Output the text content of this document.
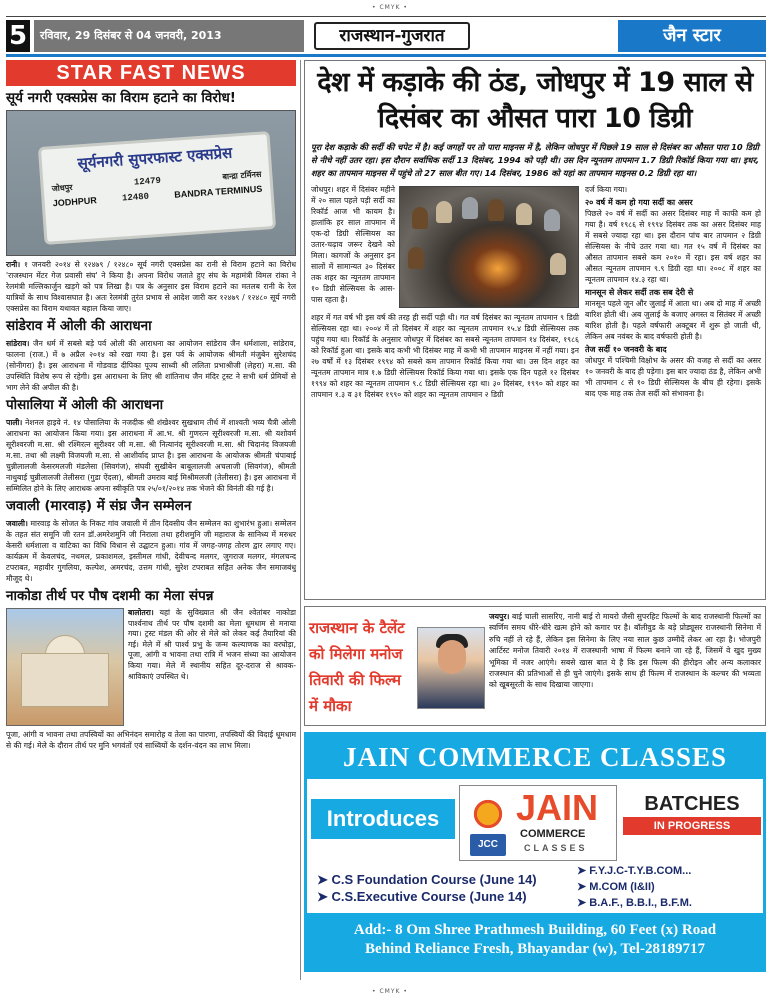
• CMYK •
5	रविवार, 29 दिसंबर से 04 जनवरी, 2013	राजस्थान-गुजरात	जैन स्टार
STAR FAST NEWS
सूर्य नगरी एक्सप्रेस का विराम हटाने का विरोध!
सूर्यनगरी सुपरफास्ट एक्सप्रेस
जोधपुर
12479
बान्द्रा टर्मिनस
JODHPUR	12480	BANDRA TERMINUS

रानी। १ जनवरी २०१४ से १२४७९ / १२४८० सूर्य नगरी एक्सप्रेस का रानी से विराम हटाने का विरोध 'राजस्थान मेंटर गेज प्रवासी संघ' ने किया है। अपना विरोध जताते हुए संघ के महामंत्री विमल रांका ने रेलमंत्री मल्लिकार्जुन खड़गे को पत्र लिखा है। पत्र के अनुसार इस विराम हटाने का मतलब रानी के रेल यात्रियों के साथ विश्वासघात है। अतः रेलमंत्री तुरंत प्रभाव से आदेश जारी कर १२४७९ / १२४८० सूर्य नगरी एक्सप्रेस का विराम यथावत बहाल किया जाए।

सांडेराव में ओली की आराधना

सांडेराव। जैन धर्म में सबसे बड़े पर्व ओली की आराधना का आयोजन सांडेराव जैन धर्मशाला, सांडेराव, फालना (राज.) में ७ अप्रैल २०१४ को रखा गया है। इस पर्व के आयोजक श्रीमती मंजुबेन सुरेशचंद (सोनीगरा) है। इस आराधना में गोडवाड दीपिका पूज्य साध्वी श्री ललिता प्रभाश्रीजी (लेहरा) म.सा. की उपस्थिति विशेष रूप से रहेगी। इस आराधना के लिए श्री शांतिनाथ जैन मंदिर ट्रस्ट ने सभी धर्म प्रेमियों से भाग लेने की अपील की है।

पोसालिया में ओली की आराधना

पाली। नेशनल हाइवे नं. १४ पोसालिया के नजदीक श्री शंखेश्वर सुखधाम तीर्थ में शाश्वती भव्य चैत्री ओली आराधना का आयोजन किया गया। इस आराधना में आ.भ. श्री गुणरत्न सूरीश्वरजी म.सा. श्री यशोवर्म सूरीश्वरजी म.सा. श्री रश्मिरत्न सूरीश्वर जी म.सा. श्री नित्यानंद सूरीश्वरजी म.सा. श्री चिदानंद विजयजी म.सा. तथा श्री लक्ष्मी विजयजी म.सा. से आशीर्वाद प्राप्त है। इस आराधना के आयोजक श्रीमती चंपाबाई चुन्नीलालजी केसरमलजी मंडलेसा (सिवगंज), संघवी सुखीबेन बाबूलालजी अचलाजी (सिवगंज), श्रीमती नाथुबाई चुन्नीलालजी तेलीसरा (गुडा ऐंदला), श्रीमती उमराव बाई मिश्रीमलजी (तेलीसरा) है। इस आराधना में सम्मिलित होने के लिए आराधक अपना स्वीकृति पत्र २५/०१/२०१४ तक भेजने की विनंती की गई है।

जवाली (मारवाड़) में संघ्र जैन सम्मेलन

जवाली। मारवाड़ के सोजत के निकट गांव जवाली में तीन दिवसीय जैन सम्मेलन का शुभारंभ हुआ। सम्मेलन के तहत संत समूनि जी रतन डॉ.अमरेशमुनि जी निराला तथा हरीशमुनि जी महाराज के सानिध्य में मरुधर केसरी धर्मशाला व वाटिका का विधि विधान से उद्घाटन हुआ। गांव में जगह-जगह तोरण द्वार लगाए गए। कार्यक्रम में केवलचंद, नथमल, प्रकाशमल, इस्तीमल गांधी, देवीचन्द मलगर, जुगराज मलगर, मंगलचन्द टपराबत, महावीर गुगलिया, कल्पेश, अमरचंद, उत्तम गांधी, सुरेश टपराबत सहित अनेक जैन समाजबंधु मौजूद थे।

नाकोडा तीर्थ पर पौष दशमी का मेला संपन्न

बालोतरा। यहां के सुविख्यात श्री जैन श्वेतांबर नाकोडा पार्श्वनाथ तीर्थ पर पौष दशमी का मेला धूमधाम से मनाया गया। ट्रस्ट मंडल की ओर से मेले को लेकर कई तैयारियां की गई। मेले में श्री पार्श्व प्रभु के जन्म कल्याणक का वरघोड़ा, पूजा, आंगी व भावना तथा रात्रि में भजन संध्या का आयोजन किया गया। मेले में स्थानीय सहित दूर-दराज से श्रावक-श्राविकाएं उपस्थित थे।

पूजा, आंगी व भावना तथा तपस्वियों का अभिनंदन समारोह व तेला का पारणा, तपस्वियों की विदाई धूमधाम से की गई। मेले के दौरान तीर्थ पर मुनि भगवंतों एवं साध्वियों के दर्शन-वंदन का लाभ मिला।

देश में कड़ाके की ठंड, जोधपुर में 19 साल से दिसंबर का औसत पारा 10 डिग्री

पूरा देश कड़ाके की सर्दी की चपेट में है। कई जगहों पर तो पारा माइनस में है, लेकिन जोधपुर में पिछले 19 साल से दिसंबर का औसत पारा 10 डिग्री से नीचे नहीं उतर रहा। इस दौरान सर्वाधिक सर्दी 13 दिसंबर, 1994 को पड़ी थी। उस दिन न्यूनतम तापमान 1.7 डिग्री रिकॉर्ड किया गया था। इधर, शहर का तापमान माइनस में पहुंचे तो 27 साल बीत गए। 14 दिसंबर, 1986 को यहां का तापमान माइनस 0.2 डिग्री रहा था।

जोधपुर। शहर में दिसंबर महीने में २० साल पहले पड़ी सर्दी का रिकॉर्ड आज भी कायम है। हालांकि हर साल तापमान में एक-दो डिग्री सेल्सियस का उतार-चढ़ाव जरूर देखने को मिला। कागजों के अनुसार इन सालों में सामान्यत ३० दिसंबर तक शहर का न्यूनतम तापमान १० डिग्री सेल्सियस के आस-पास रहता है।

शहर में गत वर्ष भी इस वर्ष की तरह ही सर्दी पड़ी थी। गत वर्ष दिसंबर का न्यूनतम तापमान ९ डिग्री सेल्सियस रहा था। २००४ में तो दिसंबर में शहर का न्यूनतम तापमान १५.४ डिग्री सेल्सियस तक पहुंच गया था। रिकॉर्ड के अनुसार जोधपुर में दिसंबर का सबसे न्यूनतम तापमान १४ दिसंबर, १९८६ को रिकॉर्ड हुआ था। इसके बाद कभी भी दिसंबर माह में कभी भी तापमान माइनस में नहीं गया। इन २७ वर्षों में १३ दिसंबर १९९४ को सबसे कम तापमान रिकॉर्ड किया गया था। उस दिन शहर का न्यूनतम तापमान मात्र १.७ डिग्री सेल्सियस रिकॉर्ड किया गया था। इसके एक दिन पहले १२ दिसंबर १९९४ को शहर का न्यूनतम तापमान ९.८ डिग्री सेल्सियस रहा था। ३० दिसंबर, १९९० को शहर का तापमान १.३ व ३१ दिसंबर १९९० को शहर का न्यूनतम तापमान २ डिग्री

दर्ज किया गया।

२० वर्ष में कम हो गया सर्दी का असर

पिछले २० वर्ष में सर्दी का असर दिसंबर माह में काफी कम हो गया है। वर्ष १९८६ से १९९४ दिसंबर तक का असर दिसंबर माह में सबसे ज्यादा रहा था। इस दौरान पांच बार तापमान २ डिग्री सेल्सियस के नीचे उतर गया था। गत १५ वर्ष में दिसंबर का औसत तापमान सबसे कम २०१० में रहा। इस वर्ष शहर का औसत न्यूनतम तापमान ९.९ डिग्री रहा था। २००८ में शहर का न्यूनतम तापमान १४.३ रहा था।

मानसून से लेकर सर्दी तक सब देरी से

मानसून पहले जून और जुलाई में आता था। अब दो माह में अच्छी बारिश होती थी। अब जुलाई के बजाए अगस्त व सितंबर में अच्छी बारिश होती है। पहले वर्षफारी अक्टूबर में शुरू हो जाती थी, लेकिन अब नवंबर के बाद वर्षफारी होती है।

तेज सर्दी १० जनवरी के बाद

जोधपुर में पश्चिमी विक्षोभ के असर की वजह से सर्दी का असर १० जनवरी के बाद ही पड़ेगा। इस बार ज्यादा ठंड है, लेकिन अभी भी तापमान ८ से १० डिग्री सेल्सियस के बीच ही रहेगा। इसके बाद एक माह तक तेज सर्दी को संभावना है।

राजस्थान के टैलेंट को मिलेगा मनोज तिवारी की फिल्म में मौका

जयपुर। बाई चाली सासरिए, नानी बाई रो मायरो जैसी सुपरहिट फिल्मों के बाद राजस्थानी फिल्मों का स्वर्णिम समय धीरे-धीरे खत्म होने को कगार पर है। बॉलीवुड के बड़े प्रोड्यूसर राजस्थानी सिनेमा में रुचि नहीं ले रहे हैं, लेकिन इस सिनेमा के लिए नया साल कुछ उम्मीदें लेकर आ रहा है। भोजपुरी आर्टिस्ट मनोज तिवारी २०१४ में राजस्थानी भाषा में फिल्म बनाने जा रहे हैं, जिसमें वे खुद मुख्य भूमिका में नजर आएंगे। सबसे खास बात ये है कि इस फिल्म की हीरोइन और अन्य कलाकार राजस्थान की प्रतिभाओं से ही चुने जाएंगे। इसके साथ ही फिल्म में राजस्थान के कल्चर की भव्यता को खूबसूरती के साथ दिखाया जाएगा।

JAIN COMMERCE CLASSES
Introduces
JCC
JAIN
COMMERCE
CLASSES
BATCHES
IN PROGRESS
➤ C.S Foundation Course (June 14)
➤ C.S.Executive Course (June 14)
➤ F.Y.J.C-T.Y.B.COM...
➤ M.COM (I&II)
➤ B.A.F., B.B.I., B.F.M.
Add:- 8 Om Shree Prathmesh Building, 60 Feet (x) Road
Behind Reliance Fresh, Bhayandar (w), Tel-28189717
• CMYK •
